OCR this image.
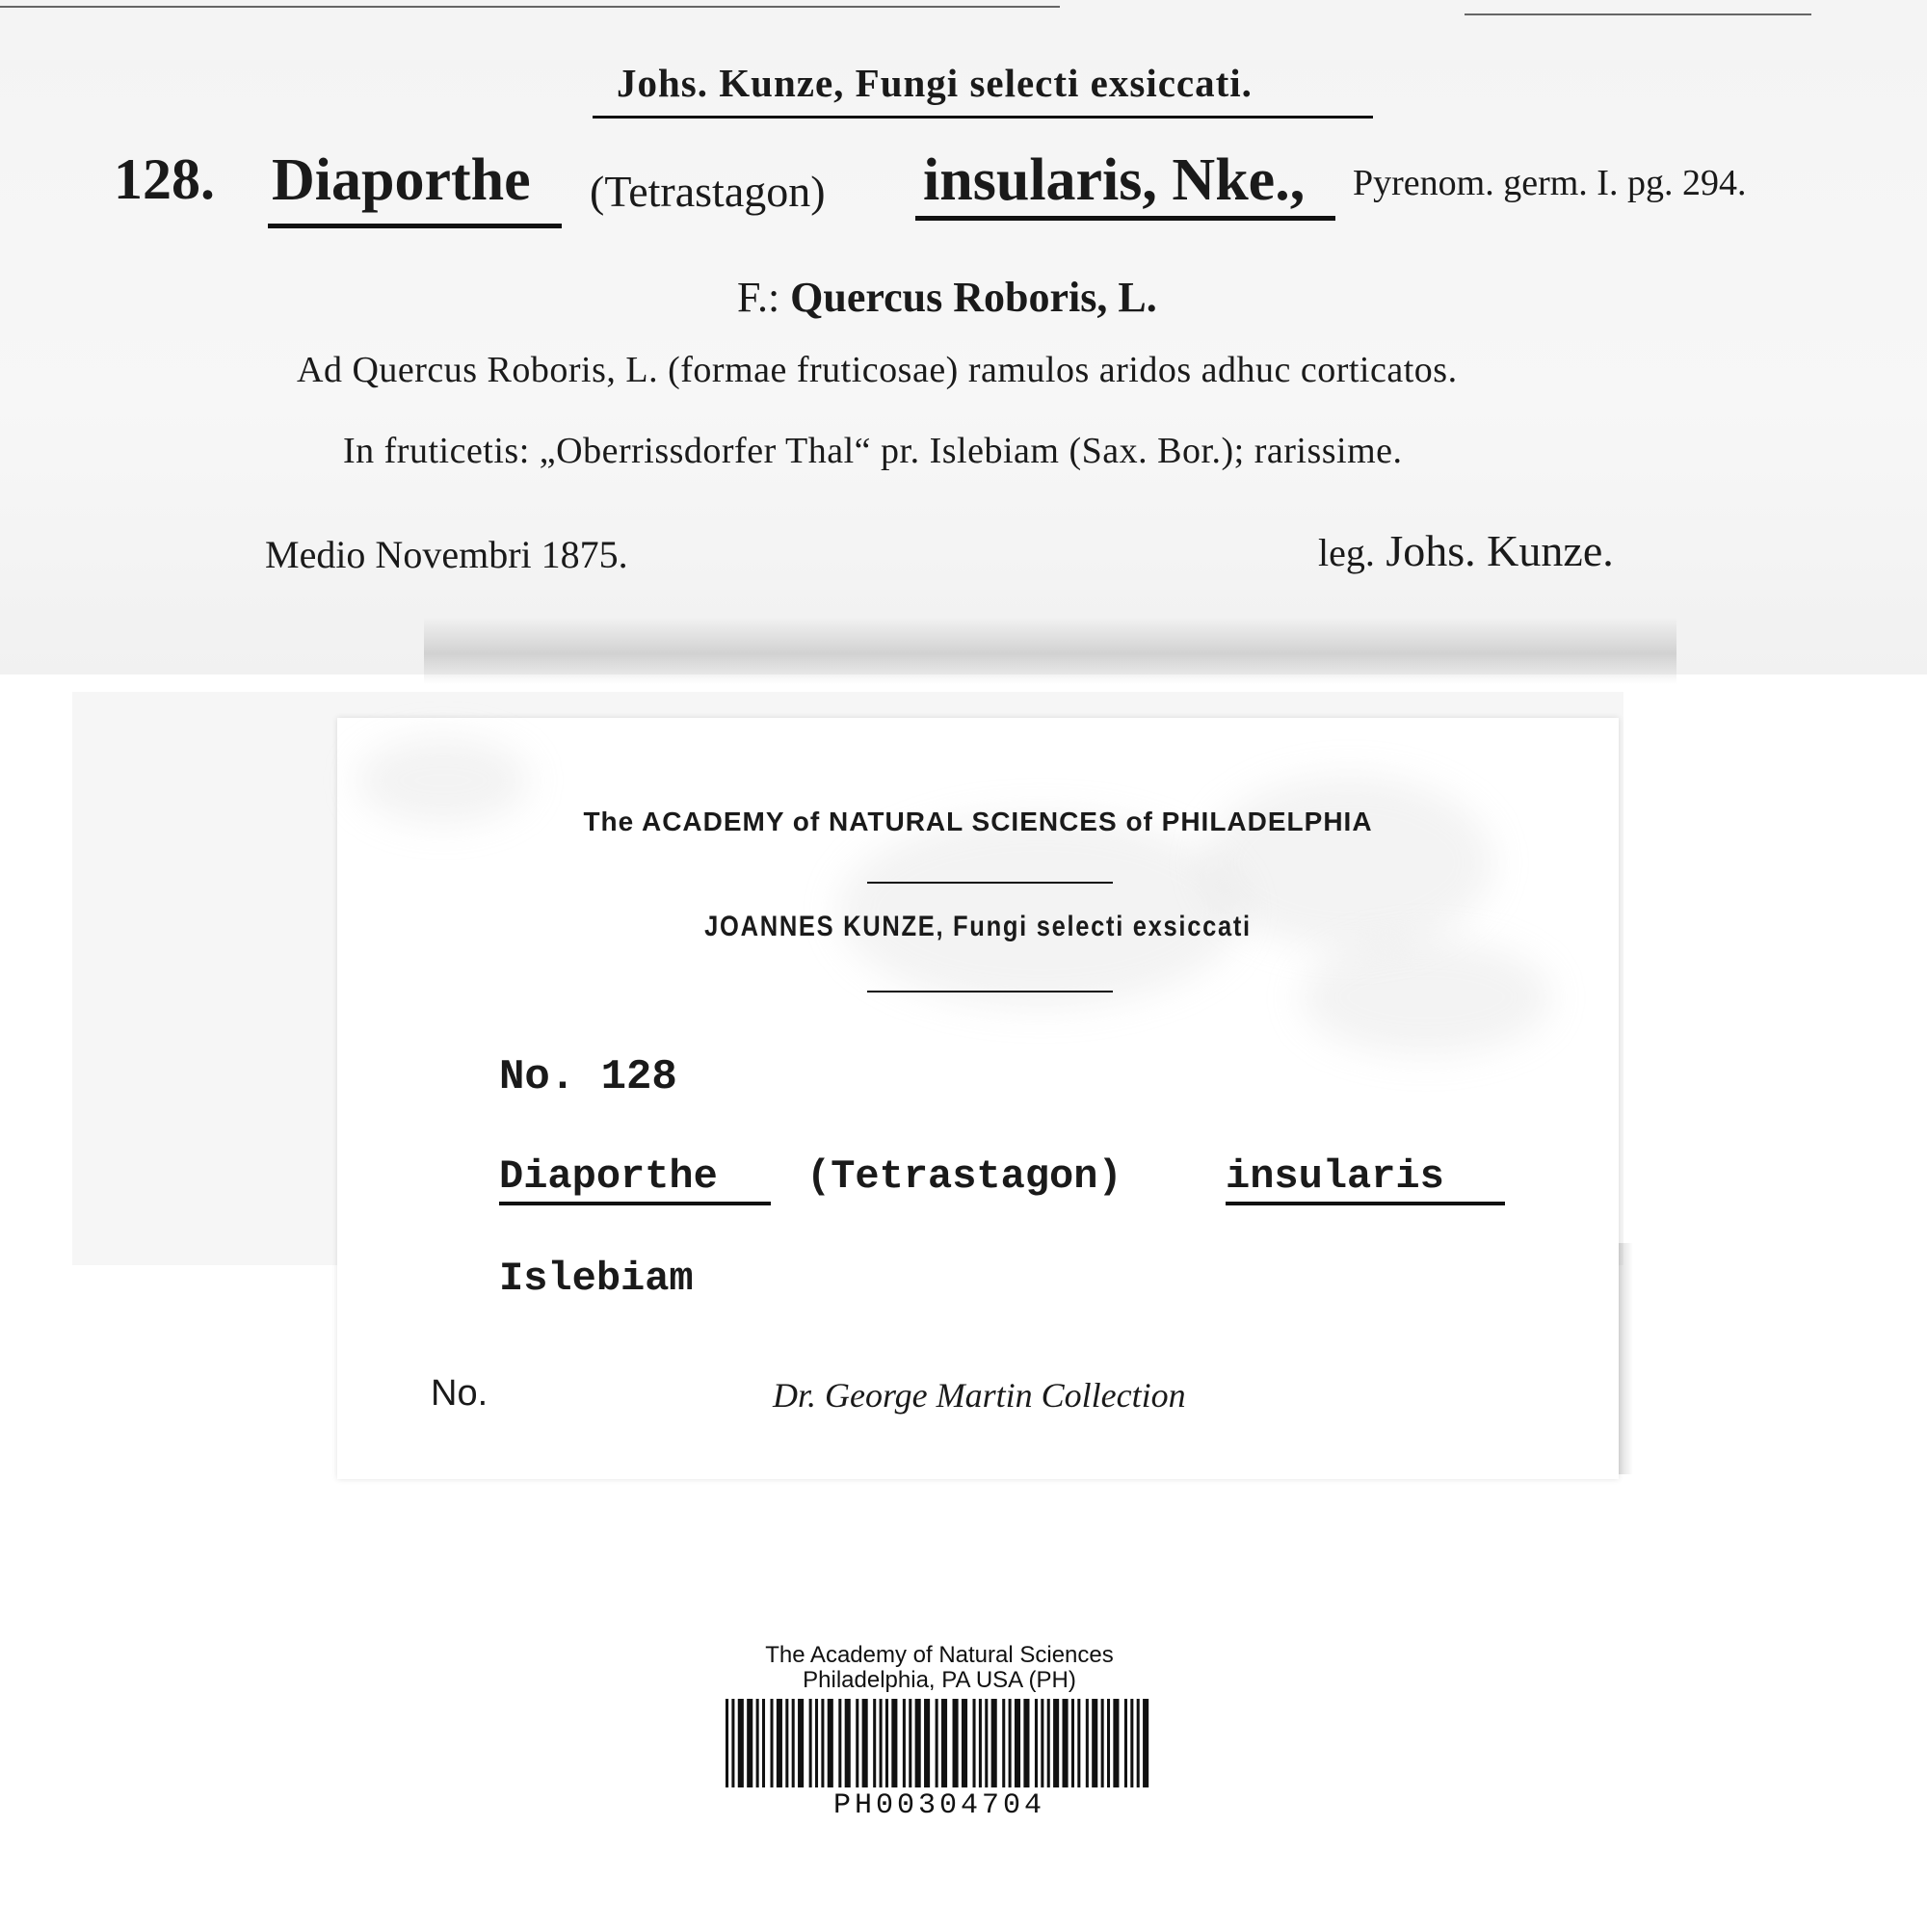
Johs. Kunze, Fungi selecti exsiccati.
128. Diaporthe (Tetrastagon) insularis, Nke., Pyrenom. germ. I. pg. 294.
F.: Quercus Roboris, L.
Ad Quercus Roboris, L. (formae fruticosae) ramulos aridos adhuc corticatos.
In fruticetis: „Oberrissdorfer Thal“ pr. Islebiam (Sax. Bor.); rarissime.
Medio Novembri 1875.	leg. Johs. Kunze.
The ACADEMY of NATURAL SCIENCES of PHILADELPHIA
JOANNES KUNZE, Fungi selecti exsiccati
No. 128
Diaporthe (Tetrastagon)	insularis
Islebiam
No.	Dr. George Martin Collection
The Academy of Natural Sciences
Philadelphia, PA USA (PH)
PH00304704
